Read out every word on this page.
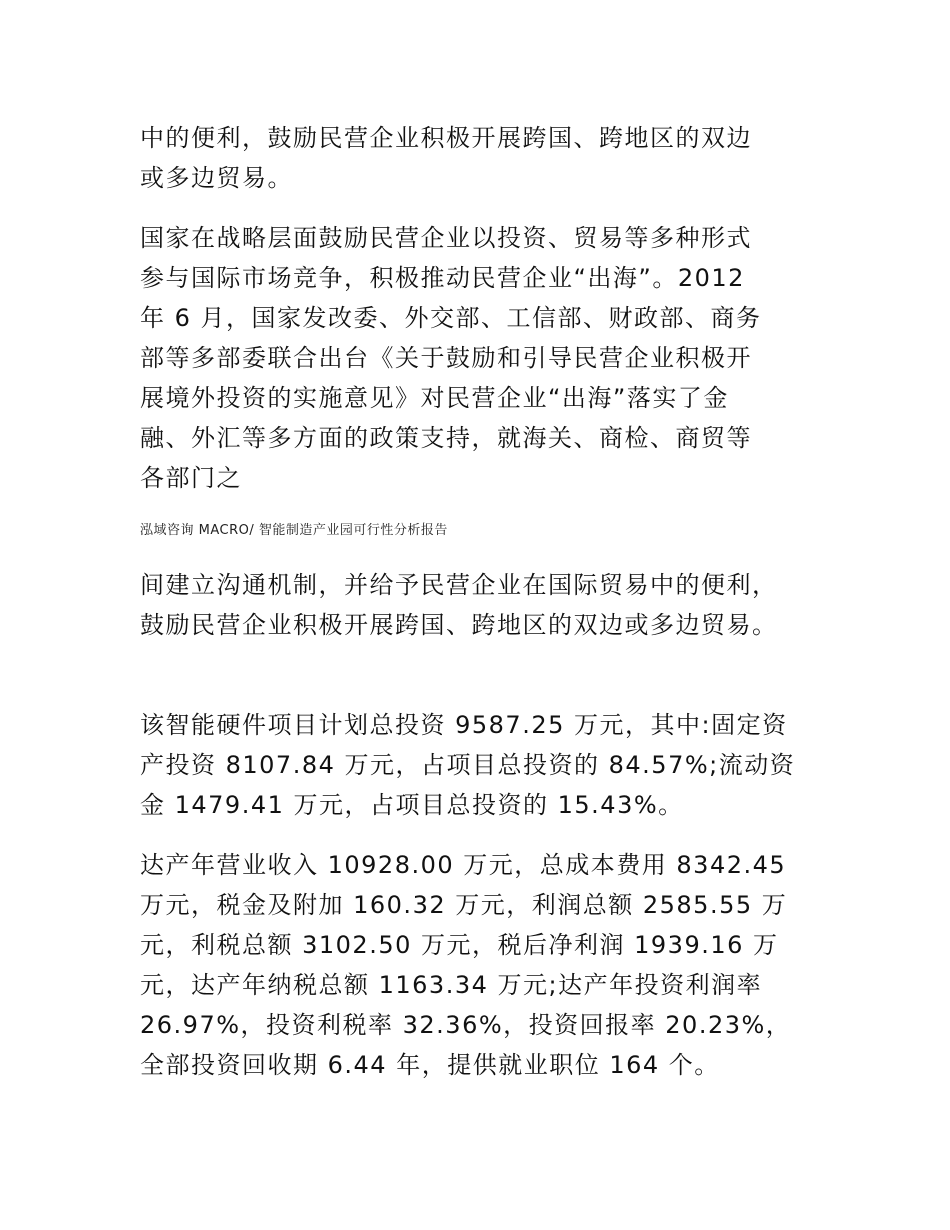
中的便利，鼓励民营企业积极开展跨国、跨地区的双边
或多边贸易。

国家在战略层面鼓励民营企业以投资、贸易等多种形式
参与国际市场竞争，积极推动民营企业“出海”。2012
年 6 月，国家发改委、外交部、工信部、财政部、商务
部等多部委联合出台《关于鼓励和引导民营企业积极开
展境外投资的实施意见》对民营企业“出海”落实了金
融、外汇等多方面的政策支持，就海关、商检、商贸等
各部门之

泓域咨询 MACRO/ 智能制造产业园可行性分析报告

间建立沟通机制，并给予民营企业在国际贸易中的便利，
鼓励民营企业积极开展跨国、跨地区的双边或多边贸易。

该智能硬件项目计划总投资 9587.25 万元，其中:固定资
产投资 8107.84 万元，占项目总投资的 84.57%;流动资
金 1479.41 万元，占项目总投资的 15.43%。

达产年营业收入 10928.00 万元，总成本费用 8342.45
万元，税金及附加 160.32 万元，利润总额 2585.55 万
元，利税总额 3102.50 万元，税后净利润 1939.16 万
元，达产年纳税总额 1163.34 万元;达产年投资利润率
26.97%，投资利税率 32.36%，投资回报率 20.23%，
全部投资回收期 6.44 年，提供就业职位 164 个。
